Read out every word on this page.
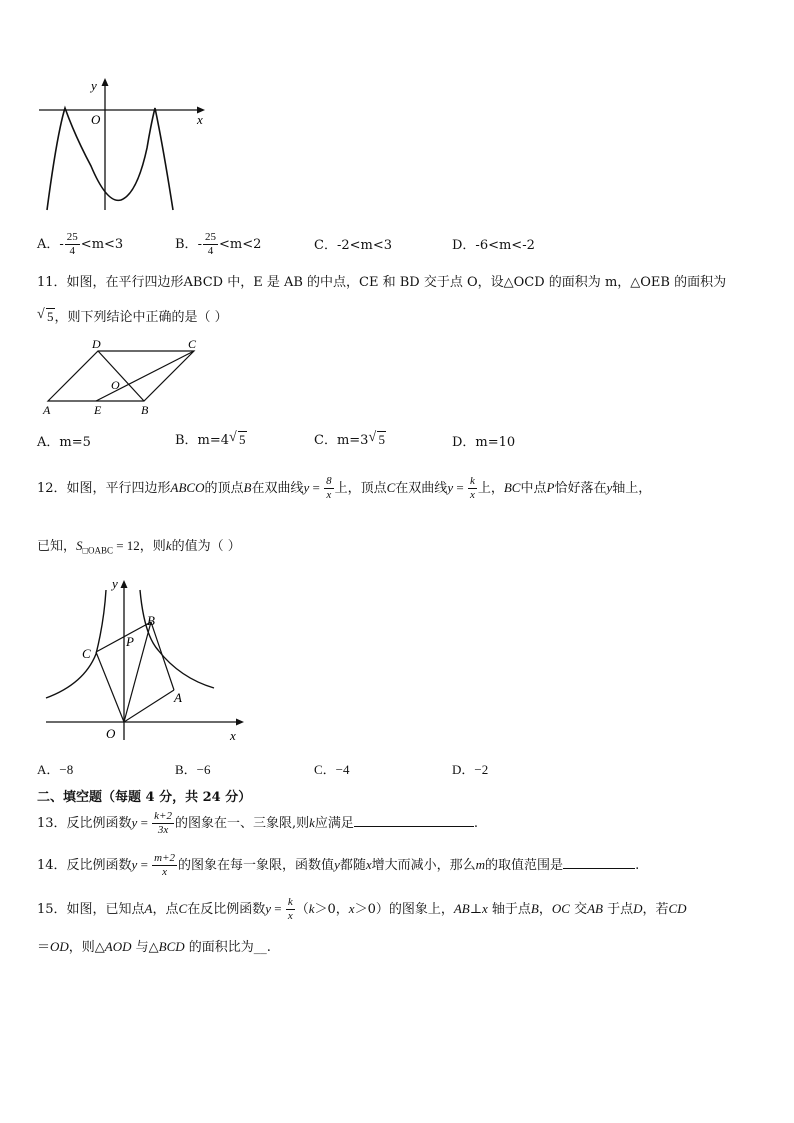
y
O	x
A．- $\frac{25}{4} <m<3$	B．- $\frac{25}{4} <m<2$	C．-2<m<3	D．-6<m<-2
11．如图，在平行四边形ABCD 中，E 是 AB 的中点，CE 和 BD 交于点 O，设△OCD 的面积为 m，△OEB 的面积为
√ 5，则下列结论中正确的是（ ）
D	C
O
A	E	B
A．m=5	B．m=4 √ 5	C．m=3 √ 5	D．m=10
12．如图，平行四边形ABCO的顶点B在双曲线$y = \frac{8}{x}$ 上，顶点C在双曲线$y = \frac{k}{x}$ 上，BC中点P恰好落在y轴上，
已知，$S_{□OABC} = 12$，则k的值为（ ）
y
B
P
C
A
O	x
A．−8	B．−6	C．−4	D．−2
二、填空题（每题 4 分，共 24 分）
13．反比例函数$y = \frac{k+2}{3x}$ 的图象在一、三象限,则k应满足	.
14．反比例函数$y = \frac{m+2}{x}$ 的图象在每一象限，函数值y都随x增大而减小，那么m的取值范围是	.
15．如图，已知点A，点C在反比例函数$y = \frac{k}{x} (k>0$，x＞0）的图象上，AB⊥x 轴于点B，OC 交AB 于点D，若CD
＝OD，则△AOD 与△BCD 的面积比为__.
